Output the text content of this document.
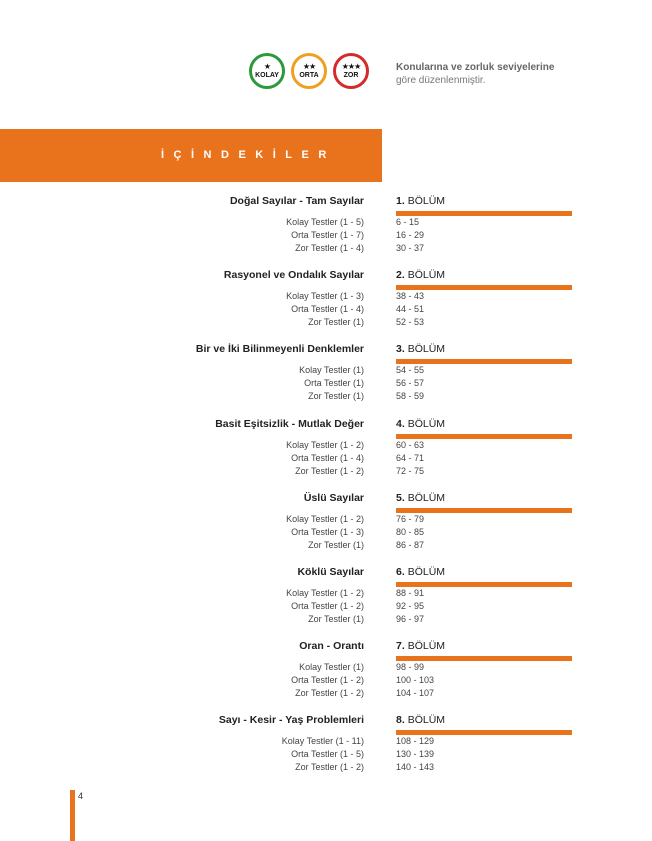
★
KOLAY
★★
ORTA
★★★
ZOR
Konularına ve zorluk seviyelerine
göre düzenlenmiştir.
İÇİNDEKİLER
Doğal Sayılar - Tam Sayılar	1. BÖLÜM
Kolay Testler (1 - 5)	6 - 15
Orta Testler (1 - 7)	16 - 29
Zor Testler (1 - 4)	30 - 37
Rasyonel ve Ondalık Sayılar	2. BÖLÜM
Kolay Testler (1 - 3)	38 - 43
Orta Testler (1 - 4)	44 - 51
Zor Testler (1)	52 - 53
Bir ve İki Bilinmeyenli Denklemler	3. BÖLÜM
Kolay Testler (1)	54 - 55
Orta Testler (1)	56 - 57
Zor Testler (1)	58 - 59
Basit Eşitsizlik - Mutlak Değer	4. BÖLÜM
Kolay Testler (1 - 2)	60 - 63
Orta Testler (1 - 4)	64 - 71
Zor Testler (1 - 2)	72 - 75
Üslü Sayılar	5. BÖLÜM
Kolay Testler (1 - 2)	76 - 79
Orta Testler (1 - 3)	80 - 85
Zor Testler (1)	86 - 87
Köklü Sayılar	6. BÖLÜM
Kolay Testler (1 - 2)	88 - 91
Orta Testler (1 - 2)	92 - 95
Zor Testler (1)	96 - 97
Oran - Orantı	7. BÖLÜM
Kolay Testler (1)	98 - 99
Orta Testler (1 - 2)	100 - 103
Zor Testler (1 - 2)	104 - 107
Sayı - Kesir - Yaş Problemleri	8. BÖLÜM
Kolay Testler (1 - 11)	108 - 129
Orta Testler (1 - 5)	130 - 139
Zor Testler (1 - 2)	140 - 143
4
